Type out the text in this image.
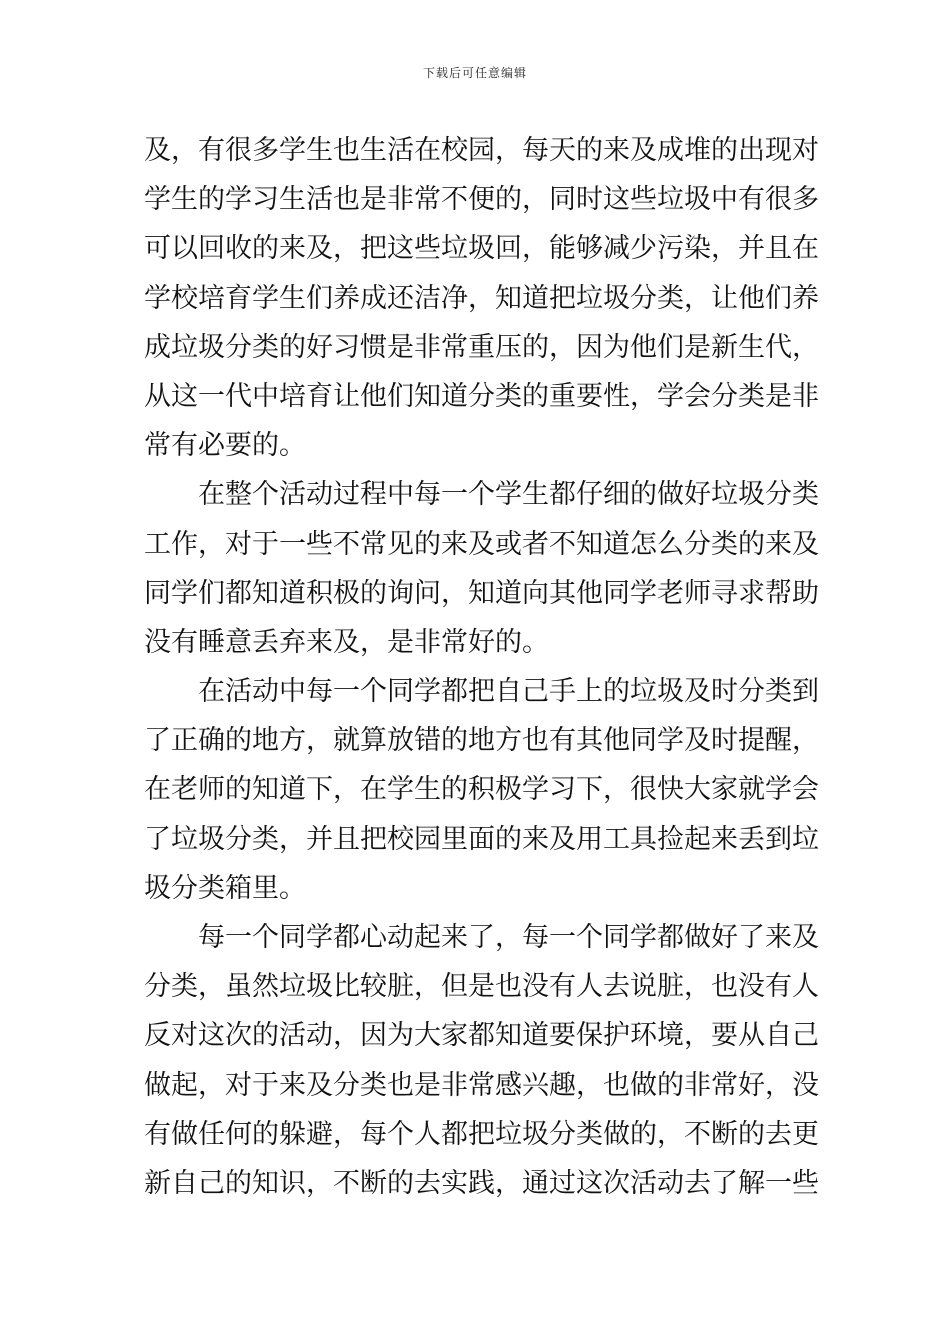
下载后可任意编辑
及，有很多学生也生活在校园，每天的来及成堆的出现对
学生的学习生活也是非常不便的，同时这些垃圾中有很多
可以回收的来及，把这些垃圾回，能够减少污染，并且在
学校培育学生们养成还洁净，知道把垃圾分类，让他们养
成垃圾分类的好习惯是非常重压的，因为他们是新生代，
从这一代中培育让他们知道分类的重要性，学会分类是非
常有必要的。
　　在整个活动过程中每一个学生都仔细的做好垃圾分类
工作，对于一些不常见的来及或者不知道怎么分类的来及
同学们都知道积极的询问，知道向其他同学老师寻求帮助
没有睡意丢弃来及，是非常好的。
　　在活动中每一个同学都把自己手上的垃圾及时分类到
了正确的地方，就算放错的地方也有其他同学及时提醒，
在老师的知道下，在学生的积极学习下，很快大家就学会
了垃圾分类，并且把校园里面的来及用工具捡起来丢到垃
圾分类箱里。
　　每一个同学都心动起来了，每一个同学都做好了来及
分类，虽然垃圾比较脏，但是也没有人去说脏，也没有人
反对这次的活动，因为大家都知道要保护环境，要从自己
做起，对于来及分类也是非常感兴趣，也做的非常好，没
有做任何的躲避，每个人都把垃圾分类做的，不断的去更
新自己的知识，不断的去实践，通过这次活动去了解一些
